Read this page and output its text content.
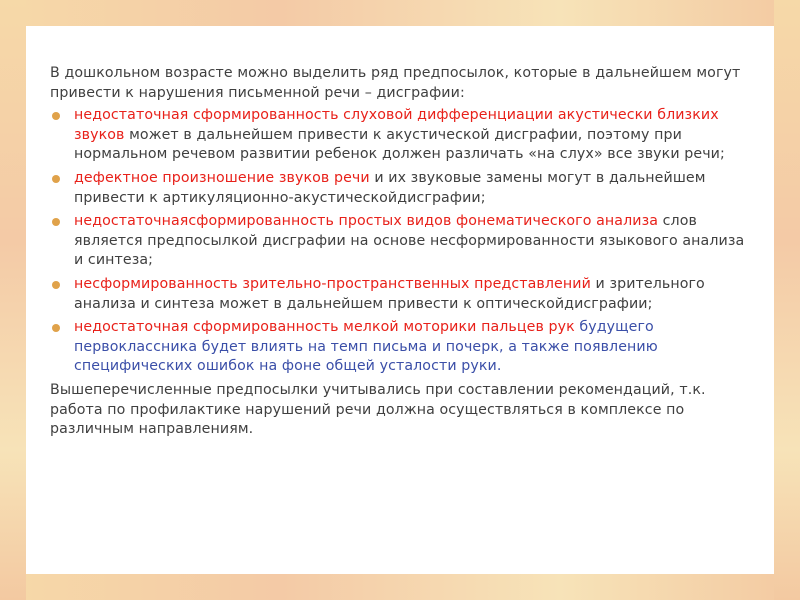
В дошкольном возрасте можно выделить ряд предпосылок, которые в дальнейшем могут привести к нарушения письменной речи – дисграфии:

недостаточная сформированность слуховой дифференциации акустически близких звуков может в дальнейшем привести к акустической дисграфии, поэтому при нормальном речевом развитии ребенок должен различать «на слух» все звуки речи;
дефектное произношение звуков речи и их звуковые замены могут в дальнейшем привести к артикуляционно-акустическойдисграфии;
недостаточнаясформированность простых видов фонематического анализа слов является предпосылкой дисграфии на основе несформированности языкового анализа и синтеза;
несформированность зрительно-пространственных представлений и зрительного анализа и синтеза может в дальнейшем привести к оптическойдисграфии;
недостаточная сформированность мелкой моторики пальцев рук будущего первоклассника будет влиять на темп письма и почерк, а также появлению специфических ошибок на фоне общей усталости руки.

Вышеперечисленные предпосылки учитывались при составлении рекомендаций, т.к. работа по профилактике нарушений речи должна осуществляться в комплексе по различным направлениям.
